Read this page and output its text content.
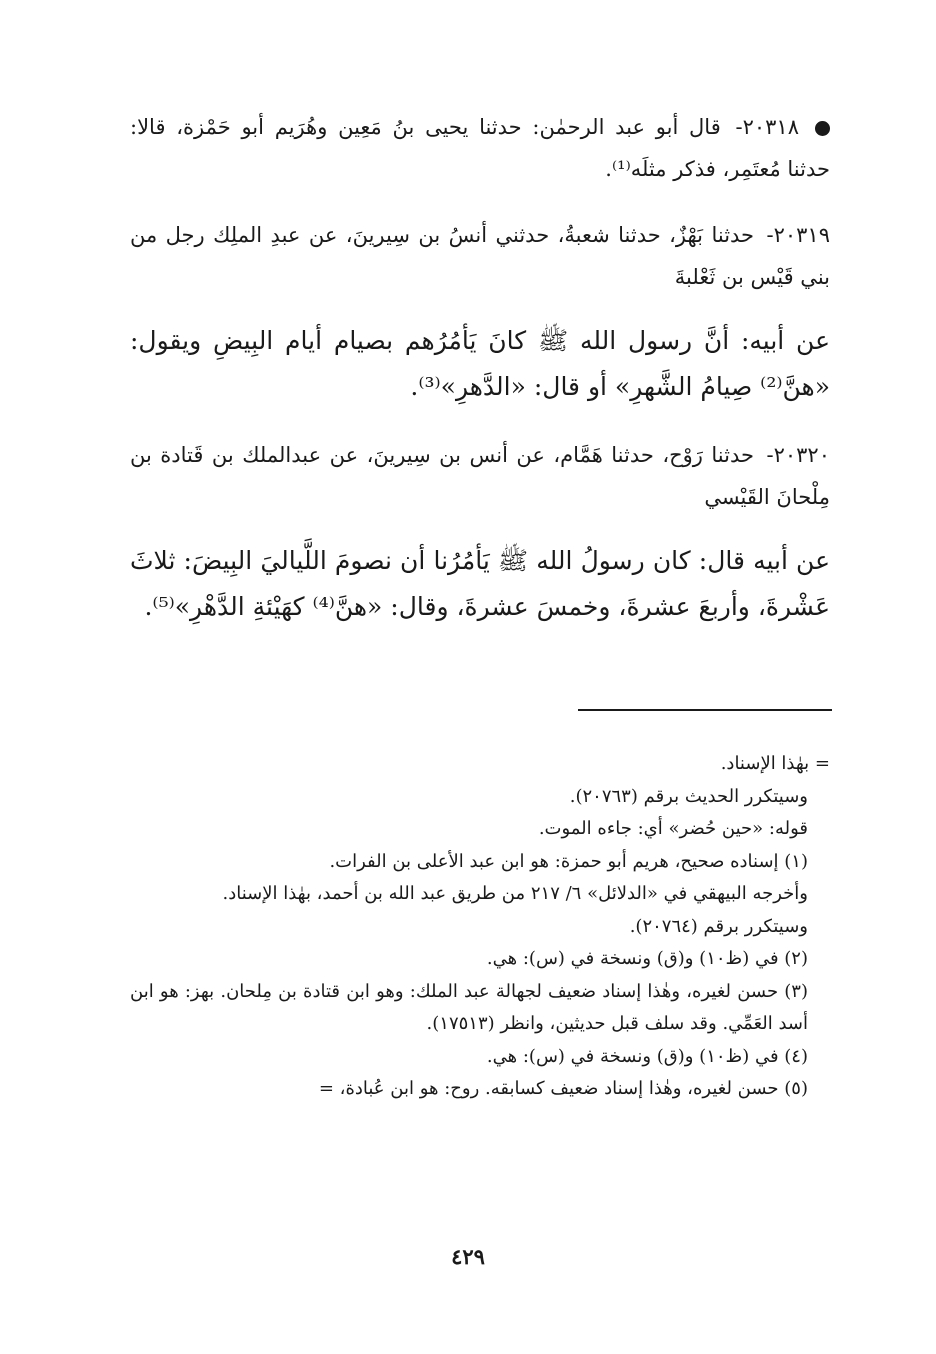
٢٠٣١٨- قال أبو عبد الرحمٰن: حدثنا يحيى بنُ مَعِين وهُرَيم أبو حَمْزة، قالا: حدثنا مُعتَمِر، فذكر مثلَه⁽¹⁾.
٢٠٣١٩- حدثنا بَهْزٌ، حدثنا شعبةُ، حدثني أنسُ بن سِيرينَ، عن عبدِ الملِك رجل من بني قَيْس بن ثَعْلبةَ
عن أبيه: أنَّ رسول الله ﷺ كانَ يَأمُرُهم بصيام أيام البِيضِ ويقول: «هنَّ⁽²⁾ صِيامُ الشَّهرِ» أو قال: «الدَّهرِ»⁽³⁾.
٢٠٣٢٠- حدثنا رَوْح، حدثنا هَمَّام، عن أنس بن سِيرينَ، عن عبدالملك بن قَتادة بن مِلْحانَ القَيْسي
عن أبيه قال: كان رسولُ الله ﷺ يَأمُرُنا أن نصومَ اللَّياليَ البِيضَ: ثلاثَ عَشْرةَ، وأربعَ عشرةَ، وخمسَ عشرةَ، وقال: «هنَّ⁽⁴⁾ كهَيْئةِ الدَّهْرِ»⁽⁵⁾.
= بهٰذا الإسناد.
وسيتكرر الحديث برقم (٢٠٧٦٣).
قوله: «حين حُضر» أي: جاءه الموت.
(١) إسناده صحيح، هريم أبو حمزة: هو ابن عبد الأعلى بن الفرات.
وأخرجه البيهقي في «الدلائل» ٦/ ٢١٧ من طريق عبد الله بن أحمد، بهٰذا الإسناد.
وسيتكرر برقم (٢٠٧٦٤).
(٢) في (ظ١٠) و(ق) ونسخة في (س): هي.
(٣) حسن لغيره، وهٰذا إسناد ضعيف لجهالة عبد الملك: وهو ابن قتادة بن مِلحان. بهز: هو ابن أسد العَمِّي. وقد سلف قبل حديثين، وانظر (١٧٥١٣).
(٤) في (ظ١٠) و(ق) ونسخة في (س): هي.
(٥) حسن لغيره، وهٰذا إسناد ضعيف كسابقه. روح: هو ابن عُبادة، =
٤٢٩
